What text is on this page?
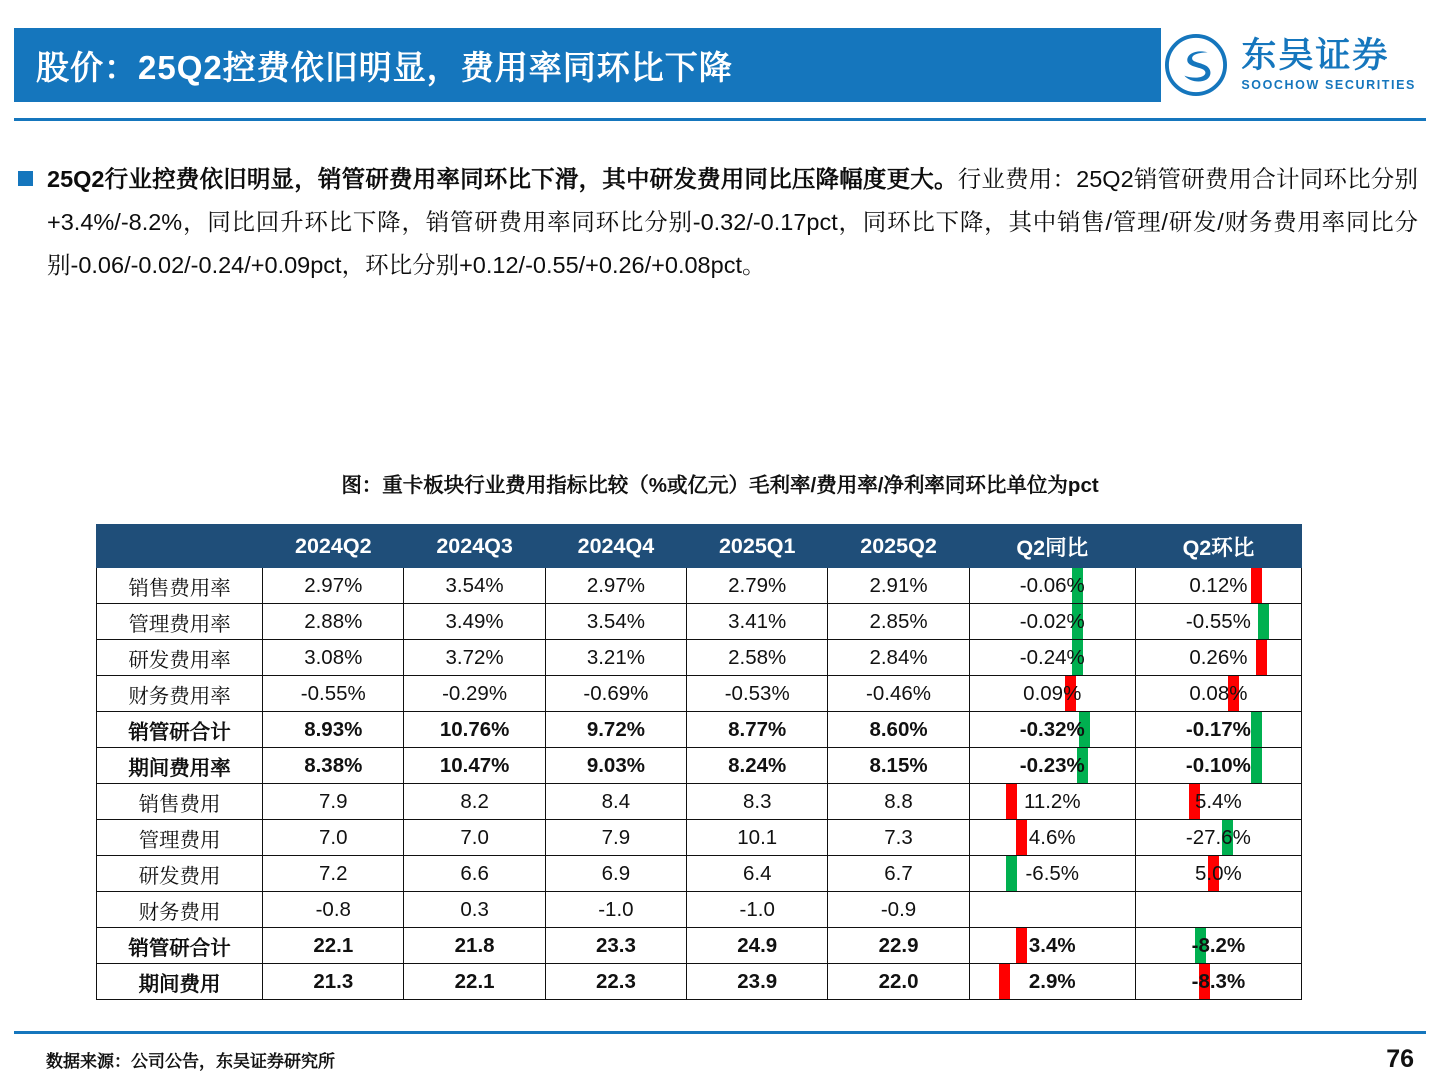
股价：25Q2控费依旧明显，费用率同环比下降	东吴证券
SOOCHOW SECURITIES
25Q2行业控费依旧明显，销管研费用率同环比下滑，其中研发费用同比压降幅度更大。行业费用：25Q2销管研费用合计同环比分别+3.4%/-8.2%，同比回升环比下降，销管研费用率同环比分别-0.32/-0.17pct，同环比下降，其中销售/管理/研发/财务费用率同比分别-0.06/-0.02/-0.24/+0.09pct，环比分别+0.12/-0.55/+0.26/+0.08pct。
图：重卡板块行业费用指标比较（%或亿元）毛利率/费用率/净利率同环比单位为pct
	2024Q2	2024Q3	2024Q4	2025Q1	2025Q2	Q2同比	Q2环比
销售费用率	2.97%	3.54%	2.97%	2.79%	2.91%	-0.06%	0.12%
管理费用率	2.88%	3.49%	3.54%	3.41%	2.85%	-0.02%	-0.55%
研发费用率	3.08%	3.72%	3.21%	2.58%	2.84%	-0.24%	0.26%
财务费用率	-0.55%	-0.29%	-0.69%	-0.53%	-0.46%	0.09%	0.08%
销管研合计	8.93%	10.76%	9.72%	8.77%	8.60%	-0.32%	-0.17%
期间费用率	8.38%	10.47%	9.03%	8.24%	8.15%	-0.23%	-0.10%
销售费用	7.9	8.2	8.4	8.3	8.8	11.2%	5.4%
管理费用	7.0	7.0	7.9	10.1	7.3	4.6%	-27.6%
研发费用	7.2	6.6	6.9	6.4	6.7	-6.5%	5.0%
财务费用	-0.8	0.3	-1.0	-1.0	-0.9		
销管研合计	22.1	21.8	23.3	24.9	22.9	3.4%	-8.2%
期间费用	21.3	22.1	22.3	23.9	22.0	2.9%	-8.3%
数据来源：公司公告，东吴证券研究所	76
